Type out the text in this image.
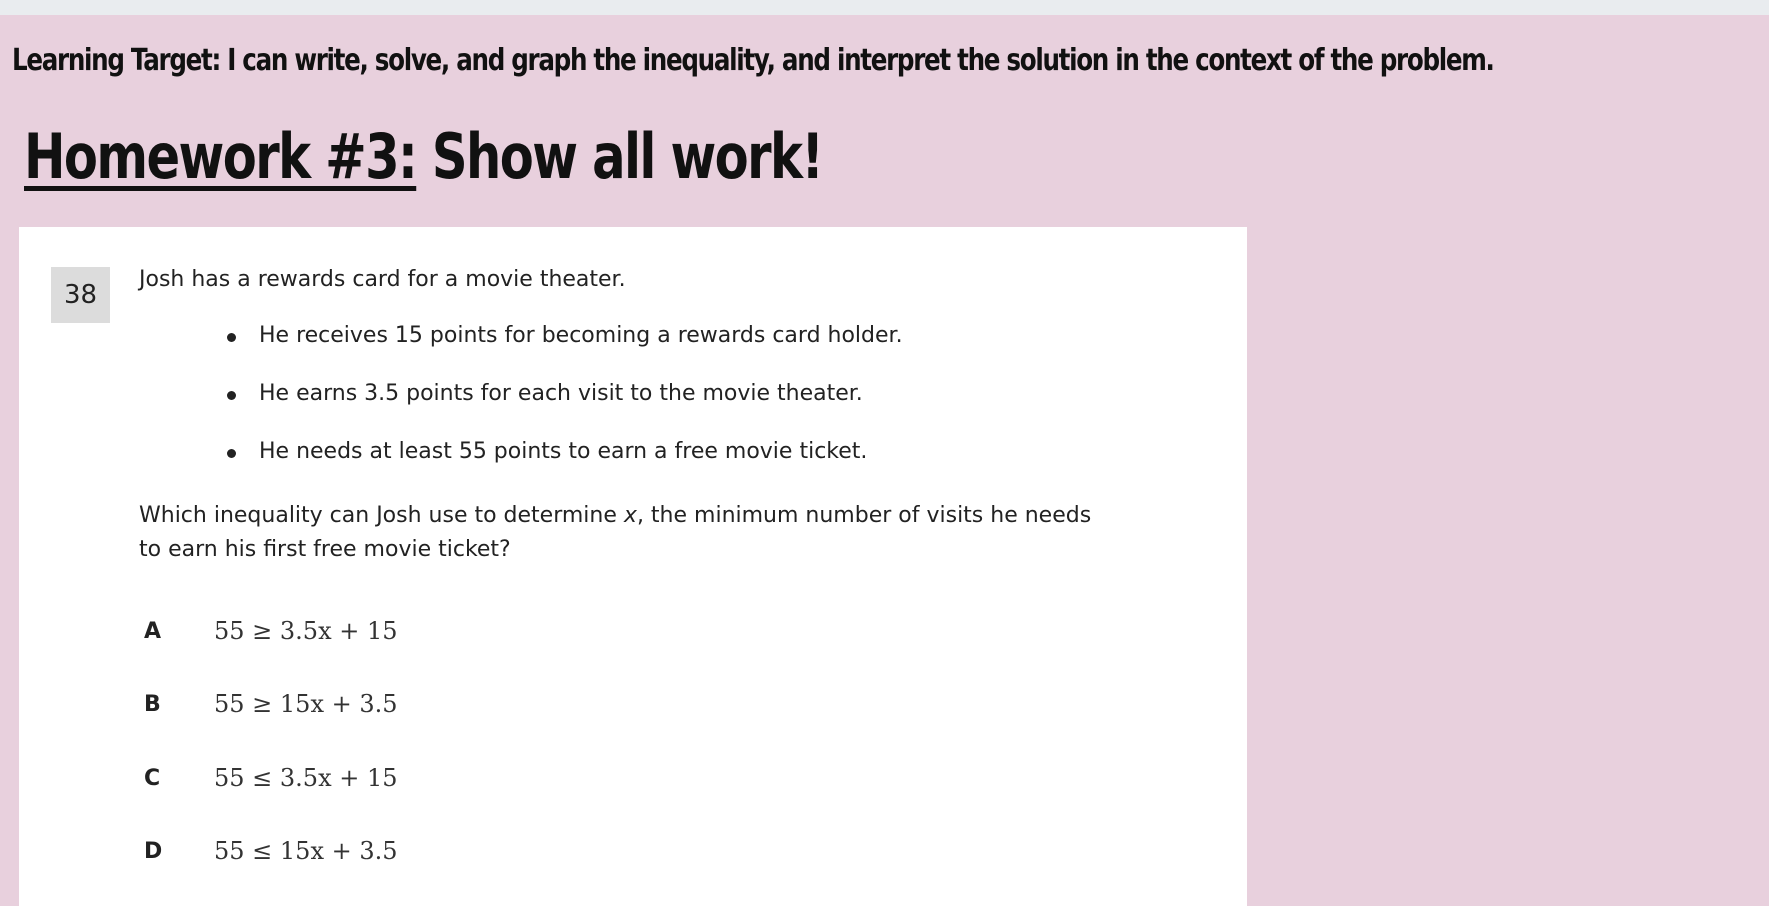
Learning Target: I can write, solve, and graph the inequality, and interpret the solution in the context of the problem.

Homework #3: Show all work!
38

Josh has a rewards card for a movie theater.

He receives 15 points for becoming a rewards card holder.
He earns 3.5 points for each visit to the movie theater.
He needs at least 55 points to earn a free movie ticket.

Which inequality can Josh use to determine x, the minimum number of visits he needs
to earn his first free movie ticket?

A	55 ≥ 3.5x + 15
B	55 ≥ 15x + 3.5
C	55 ≤ 3.5x + 15
D	55 ≤ 15x + 3.5
